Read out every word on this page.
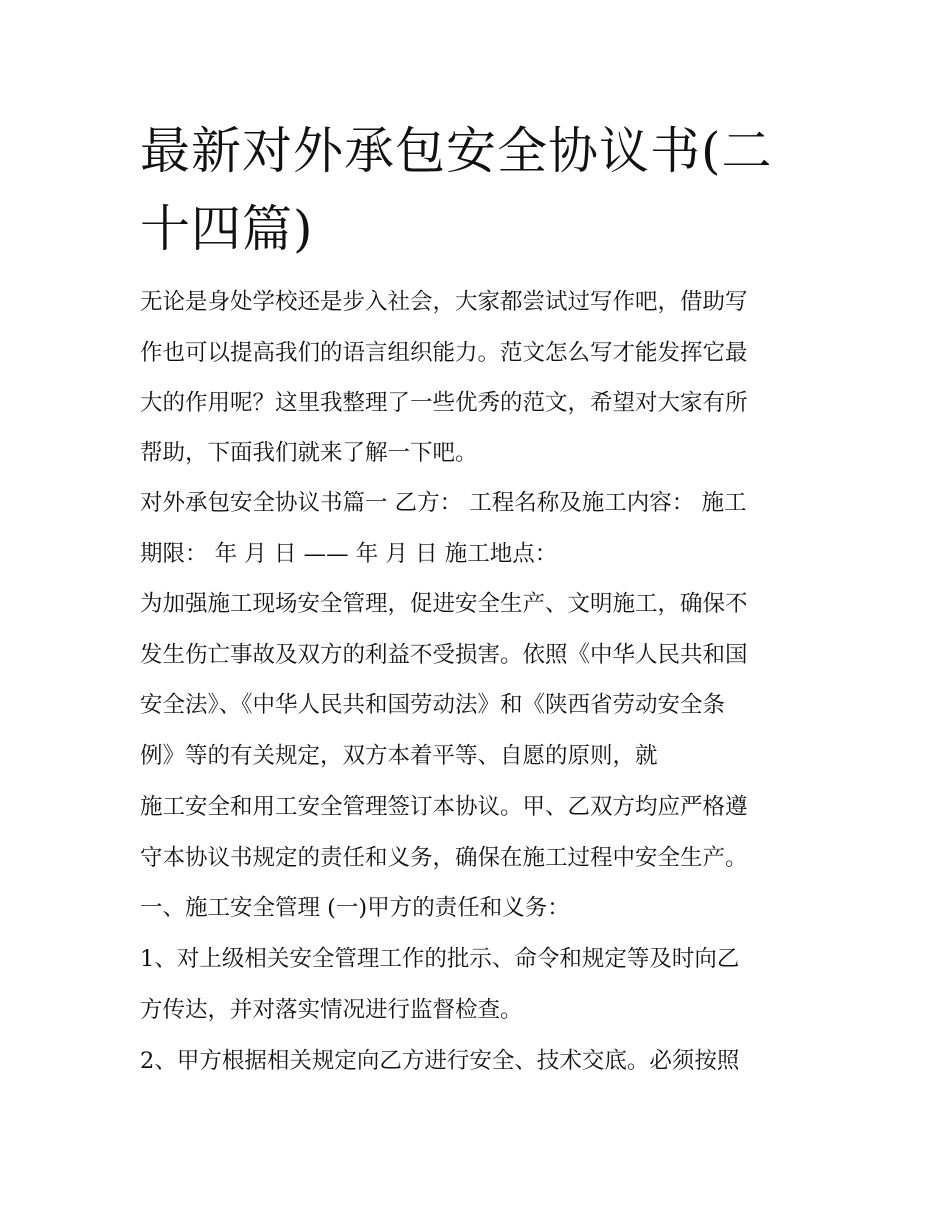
最新对外承包安全协议书(二十四篇)

无论是身处学校还是步入社会，大家都尝试过写作吧，借助写

作也可以提高我们的语言组织能力。范文怎么写才能发挥它最

大的作用呢？这里我整理了一些优秀的范文，希望对大家有所

帮助，下面我们就来了解一下吧。

对外承包安全协议书篇一 乙方： 工程名称及施工内容： 施工

期限： 年 月 日 —— 年 月 日 施工地点：

为加强施工现场安全管理，促进安全生产、文明施工，确保不

发生伤亡事故及双方的利益不受损害。依照《中华人民共和国

安全法》、《中华人民共和国劳动法》和《陕西省劳动安全条

例》等的有关规定，双方本着平等、自愿的原则，就

施工安全和用工安全管理签订本协议。甲、乙双方均应严格遵

守本协议书规定的责任和义务，确保在施工过程中安全生产。

一、施工安全管理 (一)甲方的责任和义务：

1、对上级相关安全管理工作的批示、命令和规定等及时向乙

方传达，并对落实情况进行监督检查。

2、甲方根据相关规定向乙方进行安全、技术交底。必须按照
